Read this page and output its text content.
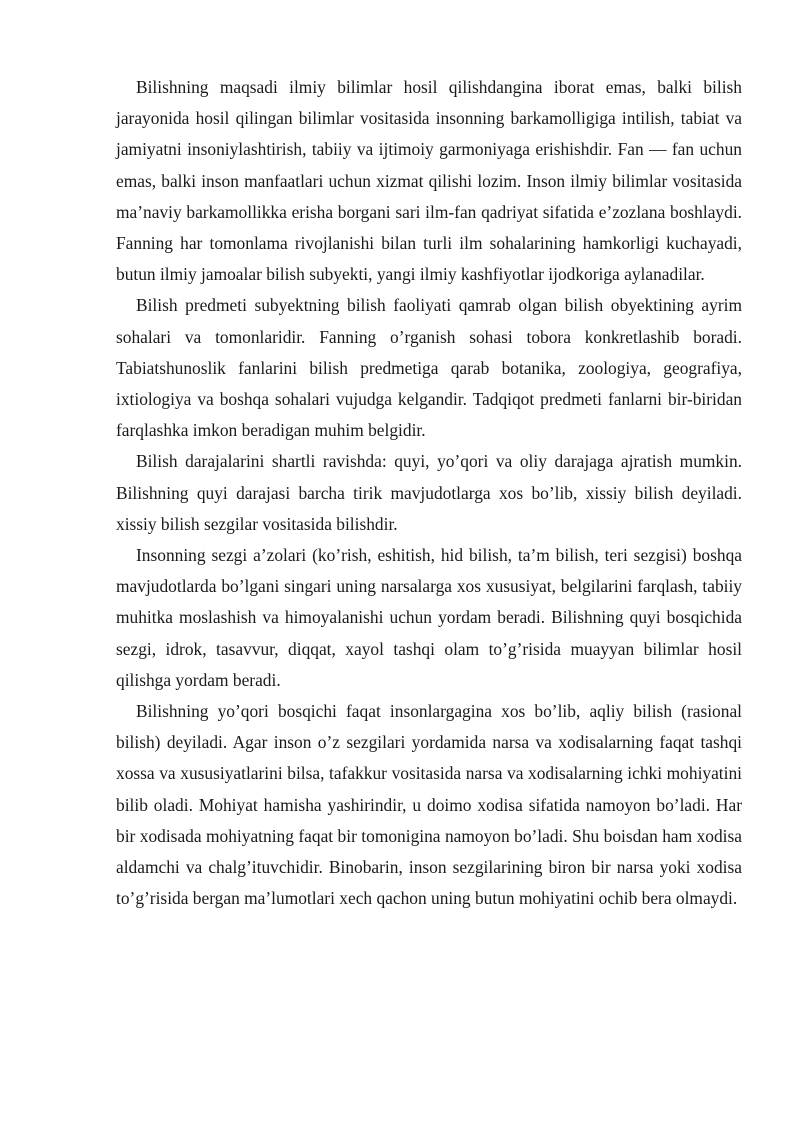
Bilishning maqsadi ilmiy bilimlar hosil qilishdangina iborat emas, balki bilish jarayonida hosil qilingan bilimlar vositasida insonning barkamolligiga intilish, tabiat va jamiyatni insoniylashtirish, tabiiy va ijtimoiy garmoniyaga erishishdir. Fan — fan uchun emas, balki inson manfaatlari uchun xizmat qilishi lozim. Inson ilmiy bilimlar vositasida ma’naviy barkamollikka erisha borgani sari ilm-fan qadriyat sifatida e’zozlana boshlaydi. Fanning har tomonlama rivojlanishi bilan turli ilm sohalarining hamkorligi kuchayadi, butun ilmiy jamoalar bilish subyekti, yangi ilmiy kashfiyotlar ijodkoriga aylanadilar.

Bilish predmeti subyektning bilish faoliyati qamrab olgan bilish obyektining ayrim sohalari va tomonlaridir. Fanning o’rganish sohasi tobora konkretlashib boradi. Tabiatshunoslik fanlarini bilish predmetiga qarab botanika, zoologiya, geografiya, ixtiologiya va boshqa sohalari vujudga kelgandir. Tadqiqot predmeti fanlarni bir-biridan farqlashka imkon beradigan muhim belgidir.

Bilish darajalarini shartli ravishda: quyi, yo’qori va oliy darajaga ajratish mumkin. Bilishning quyi darajasi barcha tirik mavjudotlarga xos bo’lib, xissiy bilish deyiladi. xissiy bilish sezgilar vositasida bilishdir.

Insonning sezgi a’zolari (ko’rish, eshitish, hid bilish, ta’m bilish, teri sezgisi) boshqa mavjudotlarda bo’lgani singari uning narsalarga xos xususiyat, belgilarini farqlash, tabiiy muhitka moslashish va himoyalanishi uchun yordam beradi. Bilishning quyi bosqichida sezgi, idrok, tasavvur, diqqat, xayol tashqi olam to’g’risida muayyan bilimlar hosil qilishga yordam beradi.

Bilishning yo’qori bosqichi faqat insonlargagina xos bo’lib, aqliy bilish (rasional bilish) deyiladi. Agar inson o’z sezgilari yordamida narsa va xodisalarning faqat tashqi xossa va xususiyatlarini bilsa, tafakkur vositasida narsa va xodisalarning ichki mohiyatini bilib oladi. Mohiyat hamisha yashirindir, u doimo xodisa sifatida namoyon bo’ladi. Har bir xodisada mohiyatning faqat bir tomonigina namoyon bo’ladi. Shu boisdan ham xodisa aldamchi va chalg’ituvchidir. Binobarin, inson sezgilarining biron bir narsa yoki xodisa to’g’risida bergan ma’lumotlari xech qachon uning butun mohiyatini ochib bera olmaydi.
